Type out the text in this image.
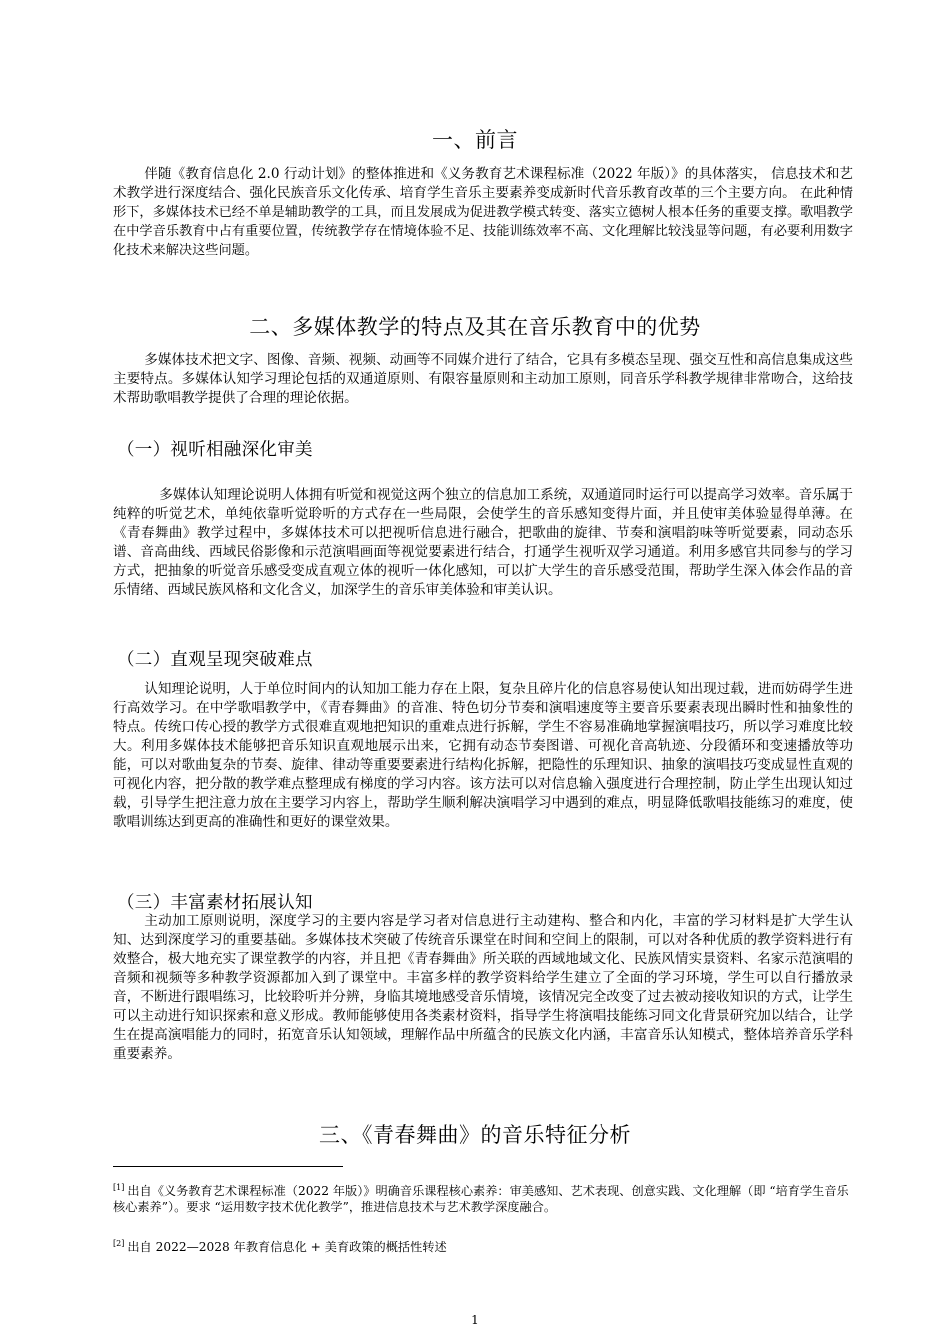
一、前言

伴随《教育信息化 2.0 行动计划》的整体推进和《义务教育艺术课程标准（2022 年版）》的具体落实， 信息技术和艺术教学进行深度结合、强化民族音乐文化传承、培育学生音乐主要素养变成新时代音乐教育改革的三个主要方向。 在此种情形下，多媒体技术已经不单是辅助教学的工具，而且发展成为促进教学模式转变、落实立德树人根本任务的重要支撑。歌唱教学在中学音乐教育中占有重要位置，传统教学存在情境体验不足、技能训练效率不高、文化理解比较浅显等问题，有必要利用数字化技术来解决这些问题。

二、多媒体教学的特点及其在音乐教育中的优势

多媒体技术把文字、图像、音频、视频、动画等不同媒介进行了结合，它具有多模态呈现、强交互性和高信息集成这些主要特点。多媒体认知学习理论包括的双通道原则、有限容量原则和主动加工原则，同音乐学科教学规律非常吻合，这给技术帮助歌唱教学提供了合理的理论依据。

（一）视听相融深化审美

多媒体认知理论说明人体拥有听觉和视觉这两个独立的信息加工系统，双通道同时运行可以提高学习效率。音乐属于纯粹的听觉艺术，单纯依靠听觉聆听的方式存在一些局限，会使学生的音乐感知变得片面，并且使审美体验显得单薄。在《青春舞曲》教学过程中，多媒体技术可以把视听信息进行融合，把歌曲的旋律、节奏和演唱韵味等听觉要素，同动态乐谱、音高曲线、西域民俗影像和示范演唱画面等视觉要素进行结合，打通学生视听双学习通道。利用多感官共同参与的学习方式，把抽象的听觉音乐感受变成直观立体的视听一体化感知，可以扩大学生的音乐感受范围，帮助学生深入体会作品的音乐情绪、西域民族风格和文化含义，加深学生的音乐审美体验和审美认识。

（二）直观呈现突破难点

认知理论说明，人于单位时间内的认知加工能力存在上限，复杂且碎片化的信息容易使认知出现过载，进而妨碍学生进行高效学习。在中学歌唱教学中，《青春舞曲》的音准、特色切分节奏和演唱速度等主要音乐要素表现出瞬时性和抽象性的特点。传统口传心授的教学方式很难直观地把知识的重难点进行拆解，学生不容易准确地掌握演唱技巧，所以学习难度比较大。利用多媒体技术能够把音乐知识直观地展示出来，它拥有动态节奏图谱、可视化音高轨迹、分段循环和变速播放等功能，可以对歌曲复杂的节奏、旋律、律动等重要要素进行结构化拆解，把隐性的乐理知识、抽象的演唱技巧变成显性直观的可视化内容，把分散的教学难点整理成有梯度的学习内容。该方法可以对信息输入强度进行合理控制，防止学生出现认知过载，引导学生把注意力放在主要学习内容上，帮助学生顺利解决演唱学习中遇到的难点，明显降低歌唱技能练习的难度，使歌唱训练达到更高的准确性和更好的课堂效果。

（三）丰富素材拓展认知

主动加工原则说明，深度学习的主要内容是学习者对信息进行主动建构、整合和内化，丰富的学习材料是扩大学生认知、达到深度学习的重要基础。多媒体技术突破了传统音乐课堂在时间和空间上的限制，可以对各种优质的教学资料进行有效整合，极大地充实了课堂教学的内容，并且把《青春舞曲》所关联的西域地域文化、民族风情实景资料、名家示范演唱的音频和视频等多种教学资源都加入到了课堂中。丰富多样的教学资料给学生建立了全面的学习环境，学生可以自行播放录音，不断进行跟唱练习，比较聆听并分辨，身临其境地感受音乐情境，该情况完全改变了过去被动接收知识的方式，让学生可以主动进行知识探索和意义形成。教师能够使用各类素材资料，指导学生将演唱技能练习同文化背景研究加以结合，让学生在提高演唱能力的同时，拓宽音乐认知领域，理解作品中所蕴含的民族文化内涵，丰富音乐认知模式，整体培养音乐学科重要素养。

三、《青春舞曲》的音乐特征分析

[1] 出自《义务教育艺术课程标准（2022 年版）》明确音乐课程核心素养：审美感知、艺术表现、创意实践、文化理解（即 “培育学生音乐核心素养”）。要求 “运用数字技术优化教学”，推进信息技术与艺术教学深度融合。

[2] 出自 2022—2028 年教育信息化 + 美育政策的概括性转述

1
